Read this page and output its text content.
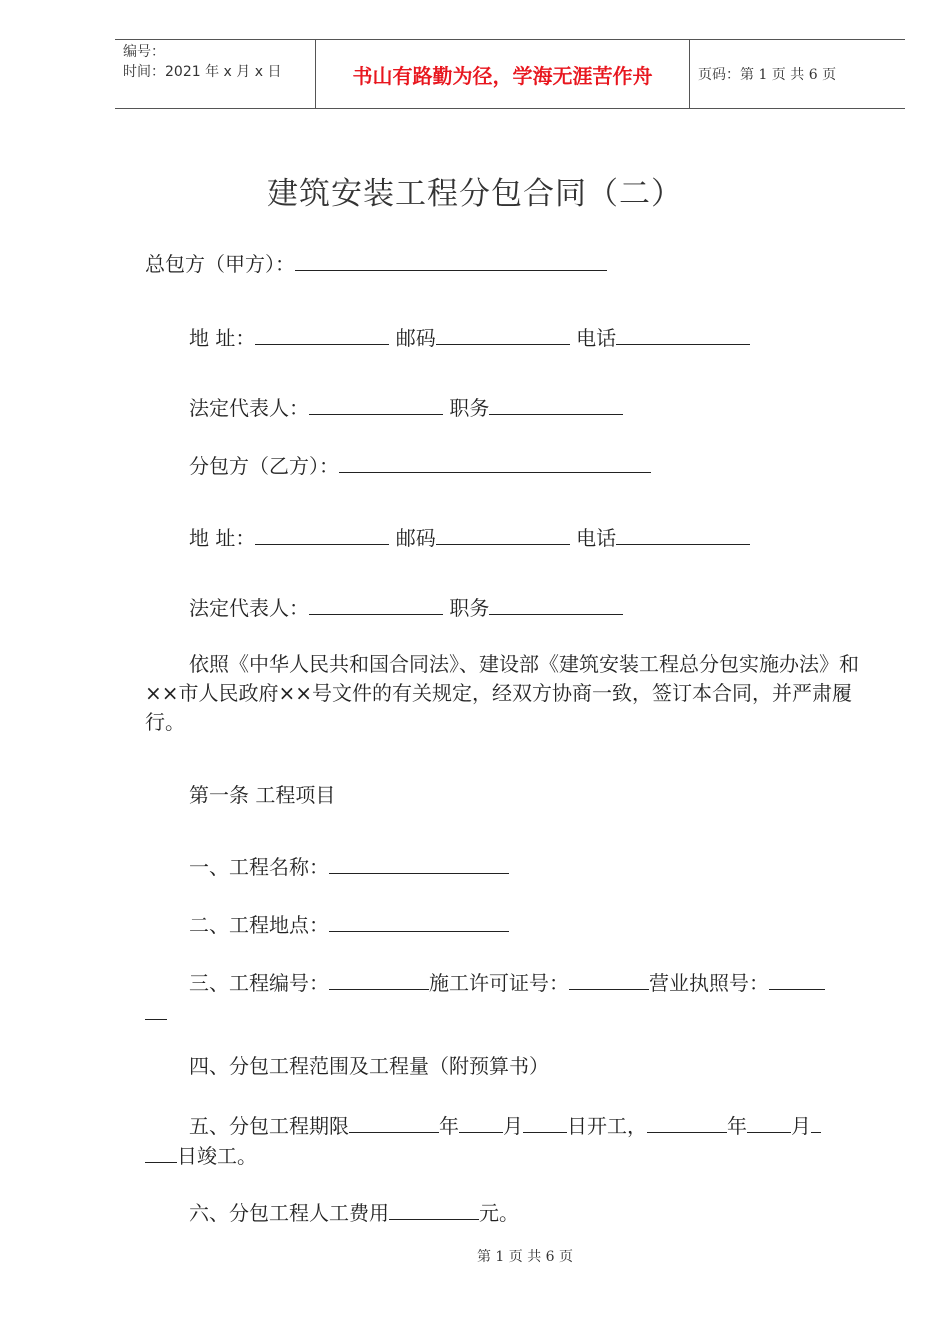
编号：
时间：2021 年 x 月 x 日	书山有路勤为径，学海无涯苦作舟	页码：第 1 页 共 6 页
建筑安装工程分包合同（二）
总包方（甲方）：
地 址：	邮码	电话
法定代表人：	职务
分包方（乙方）：
地 址：	邮码	电话
法定代表人：	职务
依照《中华人民共和国合同法》、建设部《建筑安装工程总分包实施办法》和××市人民政府××号文件的有关规定，经双方协商一致，签订本合同，并严肃履行。
第一条 工程项目
一、工程名称：
二、工程地点：
三、工程编号：	施工许可证号：	营业执照号：
四、分包工程范围及工程量（附预算书）
五、分包工程期限	年 月 日开工，	年 月
日竣工。
六、分包工程人工费用	元。
第 1 页 共 6 页
